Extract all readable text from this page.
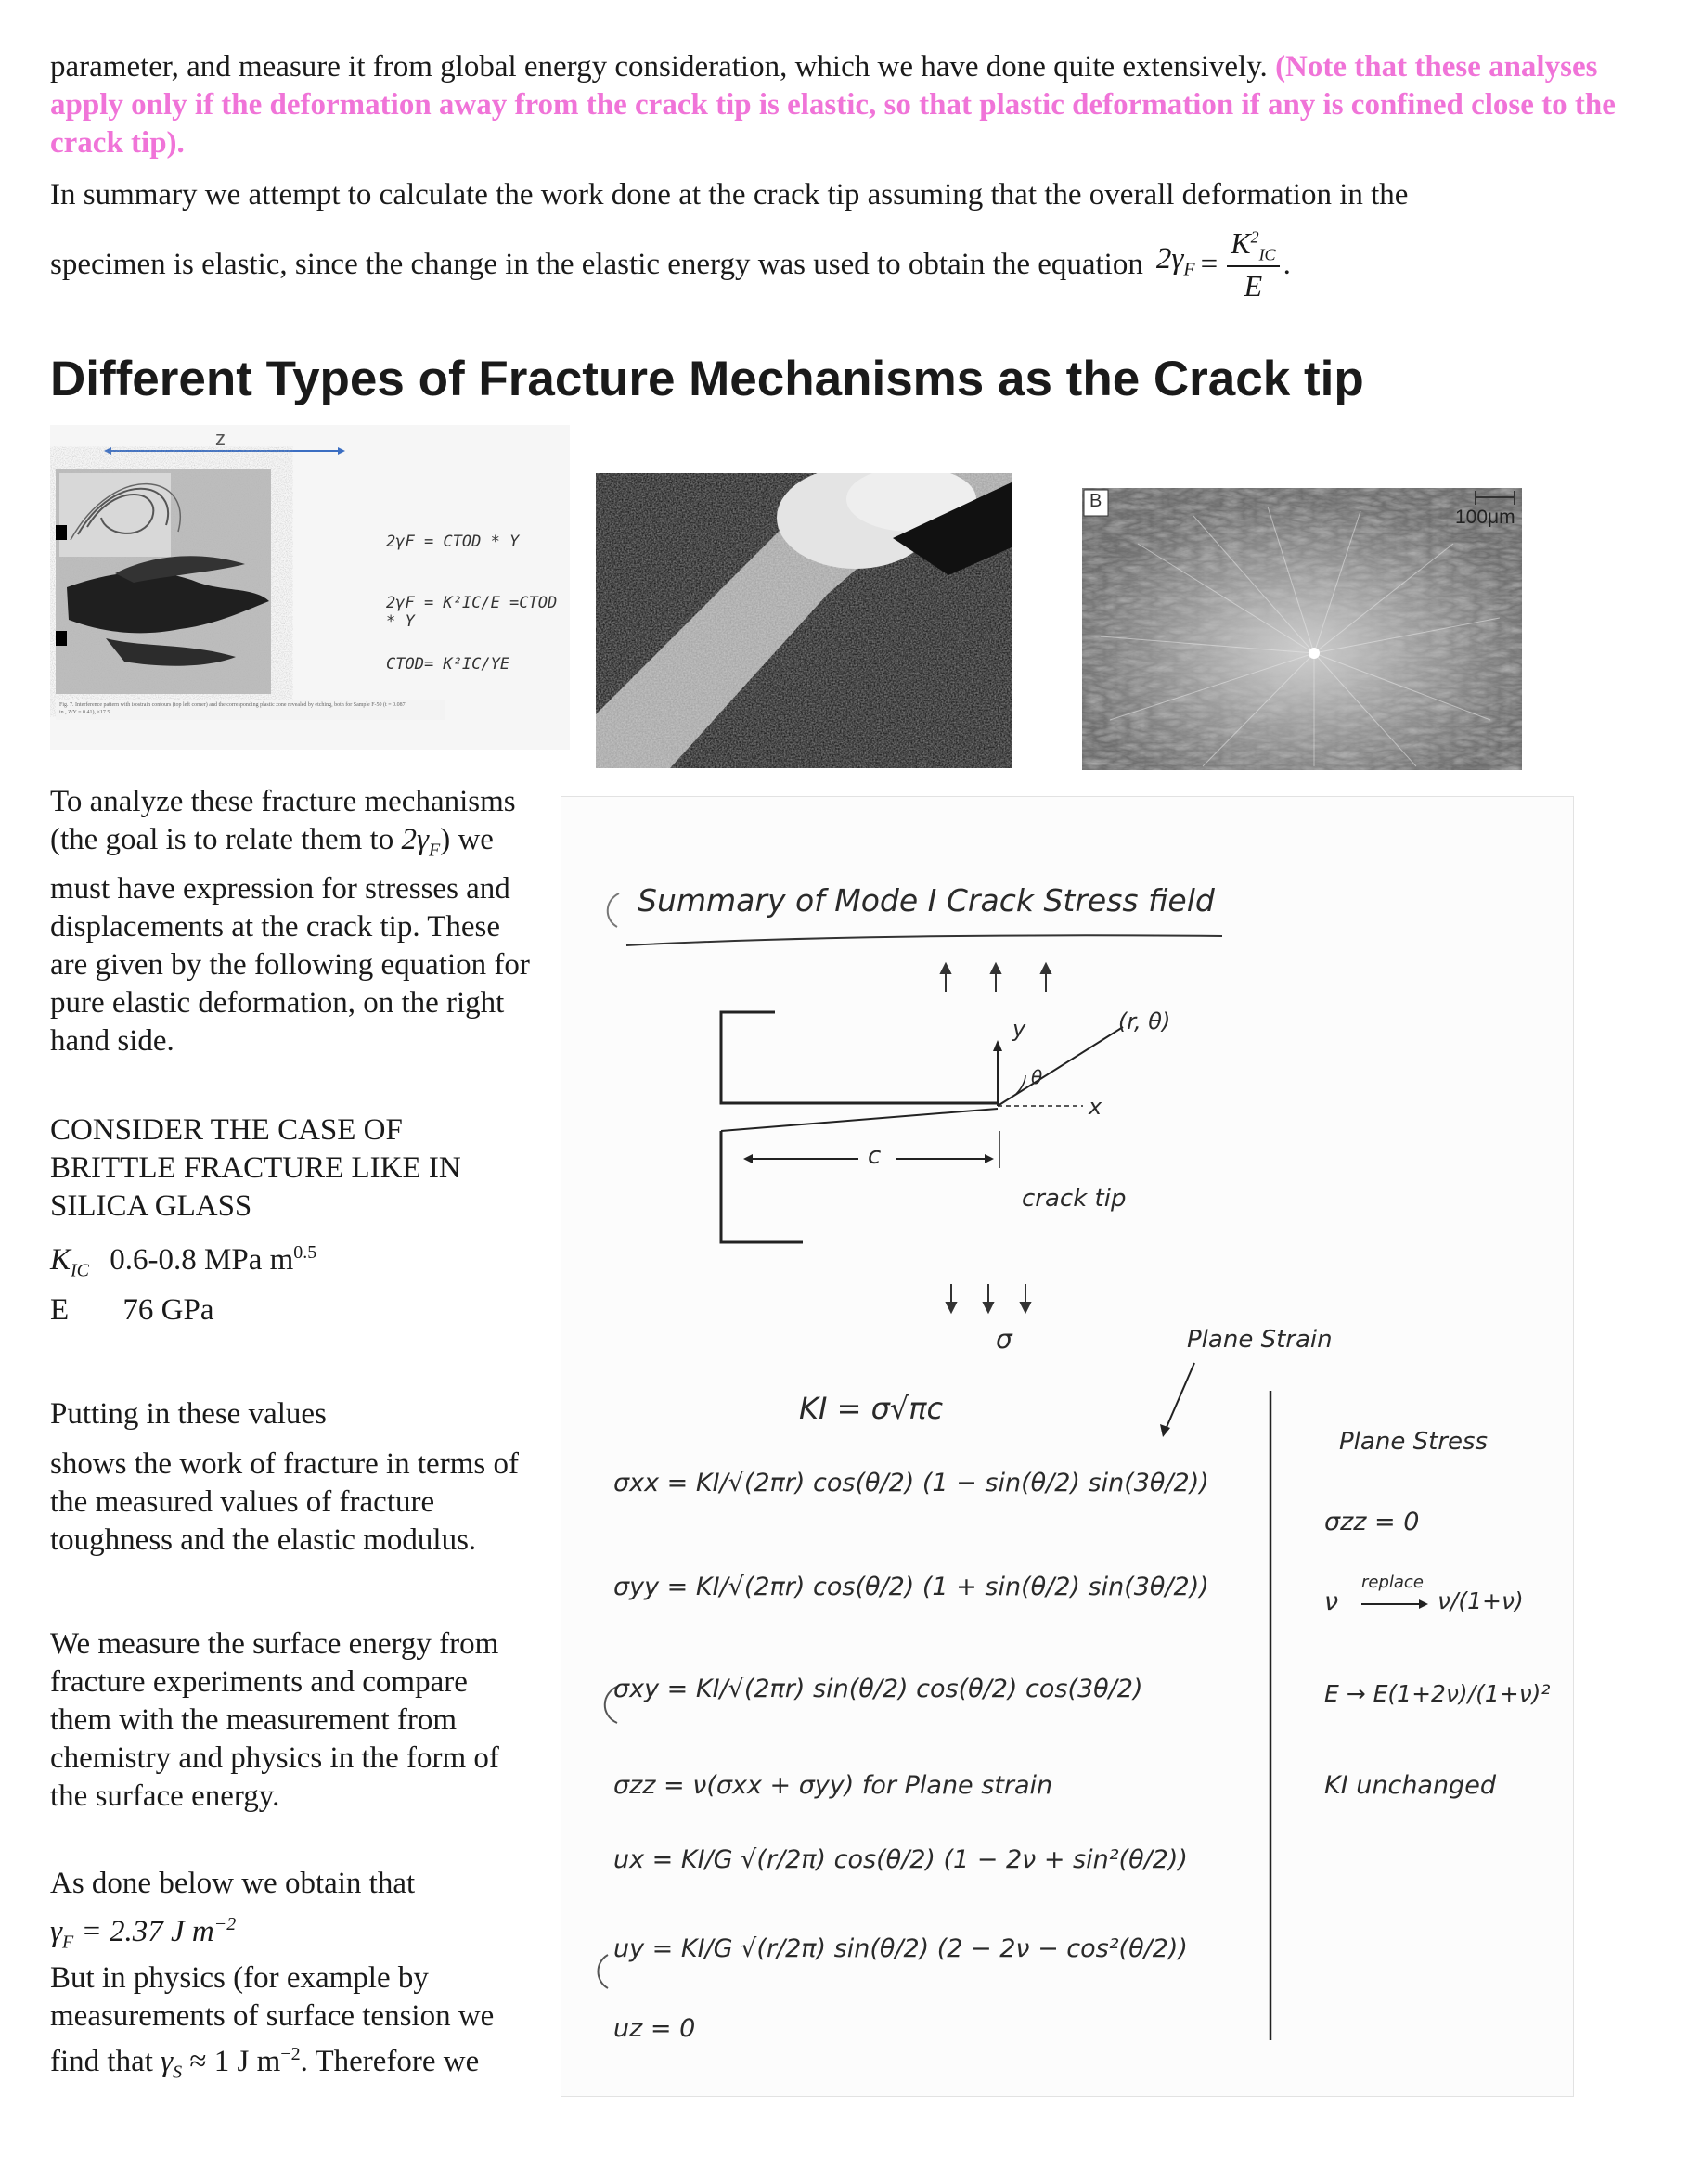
parameter, and measure it from global energy consideration, which we have done quite extensively. (Note that these analyses apply only if the deformation away from the crack tip is elastic, so that plastic deformation if any is confined close to the crack tip).
In summary we attempt to calculate the work done at the crack tip assuming that the overall deformation in the
specimen is elastic, since the change in the elastic energy was used to obtain the equation $2\gamma_F = \frac{K^2_{IC}}{E}$ .
Different Types of Fracture Mechanisms as the Crack tip
z
2γF = CTOD * Y
2γF = K²IC/E =CTOD * Y
CTOD= K²IC/YE
Fig. 7. Interference pattern with isostrain contours (top left corner) and the corresponding plastic zone revealed by etching, both for Sample F-50 (t = 0.087 in., Z/Y = 0.41), ×17.5.
B
100μm
To analyze these fracture mechanisms (the goal is to relate them to $2\gamma_F$) we must have expression for stresses and displacements at the crack tip. These are given by the following equation for pure elastic deformation, on the right hand side.
CONSIDER THE CASE OF BRITTLE FRACTURE LIKE IN SILICA GLASS
$K_{IC}$ 0.6-0.8 MPa $m^{0.5}$
E 76 GPa
Putting in these values
shows the work of fracture in terms of the measured values of fracture toughness and the elastic modulus.
We measure the surface energy from fracture experiments and compare them with the measurement from chemistry and physics in the form of the surface energy.
As done below we obtain that
$\gamma_F = 2.37$ J $m^{-2}$
But in physics (for example by measurements of surface tension we find that $\gamma_S \approx 1$ J $m^{-2}$. Therefore we
Summary of Mode I Crack Stress field
(r, θ)
y
x
θ
c
crack tip
σ	Plane Strain
Plane Stress
KI = σ√πc
σxx = KI/√(2πr) cos(θ/2) (1 − sin(θ/2) sin(3θ/2))
σyy = KI/√(2πr) cos(θ/2) (1 + sin(θ/2) sin(3θ/2))
σxy = KI/√(2πr) sin(θ/2) cos(θ/2) cos(3θ/2)
σzz = ν(σxx + σyy) for Plane strain
ux = KI/G √(r/2π) cos(θ/2) (1 − 2ν + sin²(θ/2))
uy = KI/G √(r/2π) sin(θ/2) (2 − 2ν − cos²(θ/2))
uz = 0
σzz = 0
ν
replace
ν/(1+ν)
E → E(1+2ν)/(1+ν)²
KI unchanged
